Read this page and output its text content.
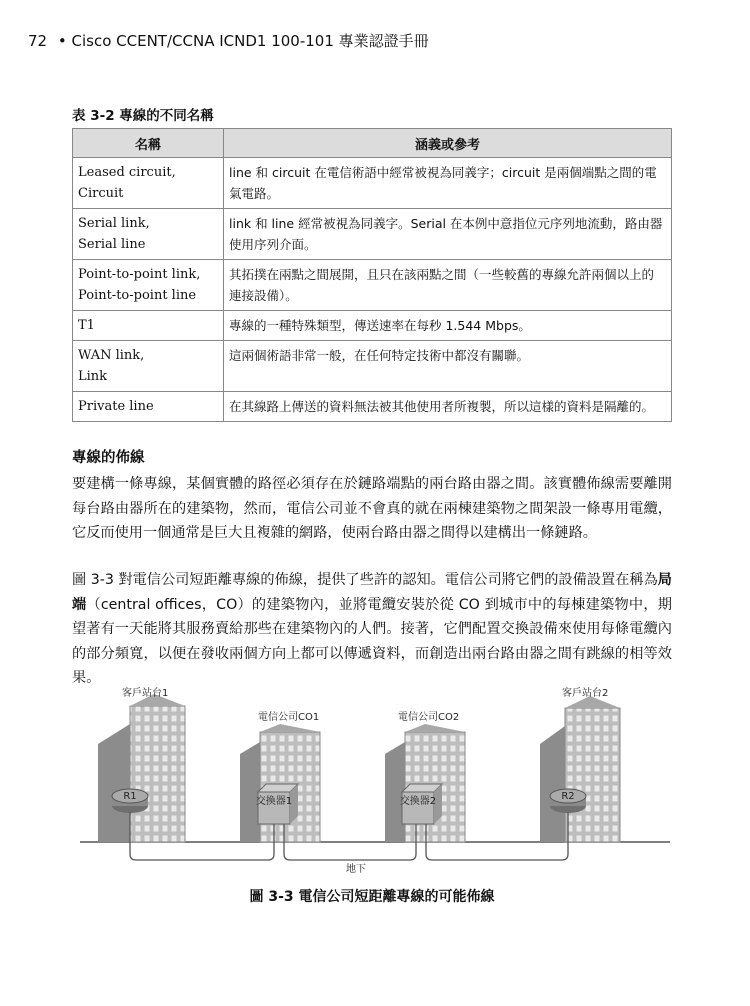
72 • Cisco CCENT/CCNA ICND1 100-101 專業認證手冊
表 3-2 專線的不同名稱
名稱	涵義或參考
Leased circuit,
Circuit	line 和 circuit 在電信術語中經常被視為同義字；circuit 是兩個端點之間的電氣電路。
Serial link,
Serial line	link 和 line 經常被視為同義字。Serial 在本例中意指位元序列地流動，路由器使用序列介面。
Point-to-point link,
Point-to-point line	其拓撲在兩點之間展開，且只在該兩點之間（一些較舊的專線允許兩個以上的連接設備）。
T1	專線的一種特殊類型，傳送速率在每秒 1.544 Mbps。
WAN link,
Link	這兩個術語非常一般，在任何特定技術中都沒有關聯。
Private line	在其線路上傳送的資料無法被其他使用者所複製，所以這樣的資料是隔離的。
專線的佈線
要建構一條專線，某個實體的路徑必須存在於鏈路端點的兩台路由器之間。該實體佈線需要離開每台路由器所在的建築物，然而，電信公司並不會真的就在兩棟建築物之間架設一條專用電纜，它反而使用一個通常是巨大且複雜的網路，使兩台路由器之間得以建構出一條鏈路。
圖 3-3 對電信公司短距離專線的佈線，提供了些許的認知。電信公司將它們的設備設置在稱為局端（central offices，CO）的建築物內，並將電纜安裝於從 CO 到城市中的每棟建築物中，期望著有一天能將其服務賣給那些在建築物內的人們。接著，它們配置交換設備來使用每條電纜內的部分頻寬，以便在發收兩個方向上都可以傳遞資料，而創造出兩台路由器之間有跳線的相等效果。
R1	交換器1	交換器2	R2
客戶站台1	客戶站台2
電信公司CO1	電信公司CO2
地下
圖 3-3 電信公司短距離專線的可能佈線
